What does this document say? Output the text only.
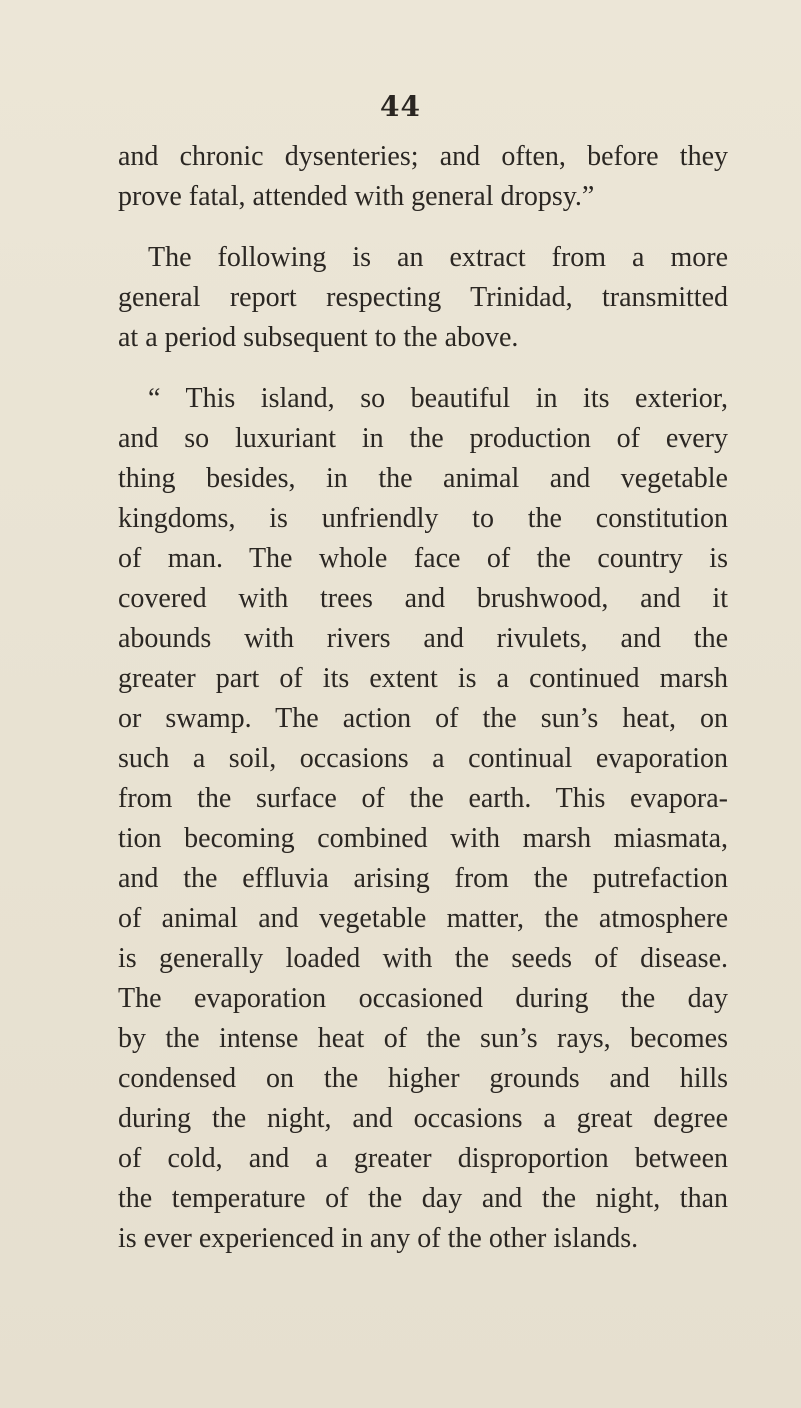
44
and chronic dysenteries; and often, before they
prove fatal, attended with general dropsy.”
The following is an extract from a more
general report respecting Trinidad, transmitted
at a period subsequent to the above.
“ This island, so beautiful in its exterior,
and so luxuriant in the production of every
thing besides, in the animal and vegetable
kingdoms, is unfriendly to the constitution
of man. The whole face of the country is
covered with trees and brushwood, and it
abounds with rivers and rivulets, and the
greater part of its extent is a continued marsh
or swamp. The action of the sun’s heat, on
such a soil, occasions a continual evaporation
from the surface of the earth. This evapora-
tion becoming combined with marsh miasmata,
and the effluvia arising from the putrefaction
of animal and vegetable matter, the atmosphere
is generally loaded with the seeds of disease.
The evaporation occasioned during the day
by the intense heat of the sun’s rays, becomes
condensed on the higher grounds and hills
during the night, and occasions a great degree
of cold, and a greater disproportion between
the temperature of the day and the night, than
is ever experienced in any of the other islands.
